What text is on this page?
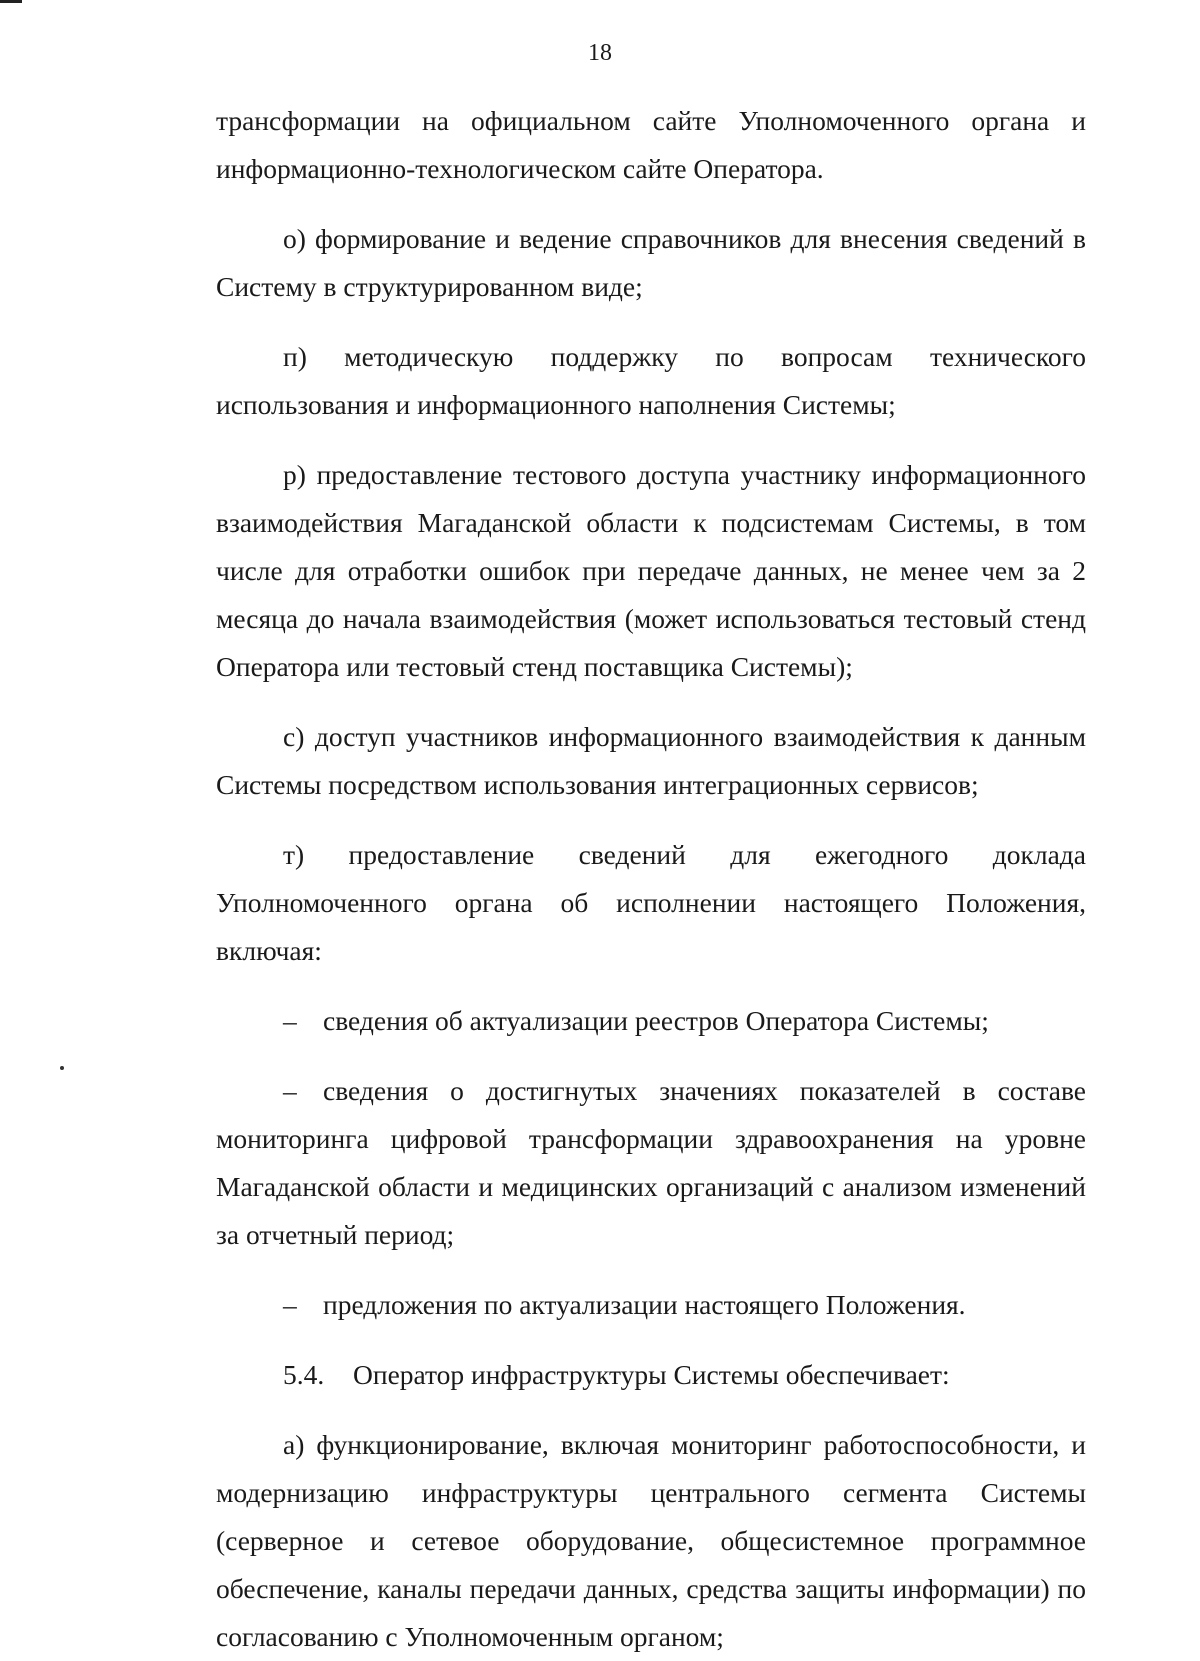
18

трансформации на официальном сайте Уполномоченного органа и информационно-технологическом сайте Оператора.

о) формирование и ведение справочников для внесения сведений в Систему в структурированном виде;

п) методическую поддержку по вопросам технического использования и информационного наполнения Системы;

р) предоставление тестового доступа участнику информационного взаимодействия Магаданской области к подсистемам Системы, в том числе для отработки ошибок при передаче данных, не менее чем за 2 месяца до начала взаимодействия (может использоваться тестовый стенд Оператора или тестовый стенд поставщика Системы);

с) доступ участников информационного взаимодействия к данным Системы посредством использования интеграционных сервисов;

т) предоставление сведений для ежегодного доклада Уполномоченного органа об исполнении настоящего Положения, включая:

– сведения об актуализации реестров Оператора Системы;

– сведения о достигнутых значениях показателей в составе мониторинга цифровой трансформации здравоохранения на уровне Магаданской области и медицинских организаций с анализом изменений за отчетный период;

– предложения по актуализации настоящего Положения.

5.4. Оператор инфраструктуры Системы обеспечивает:

а) функционирование, включая мониторинг работоспособности, и модернизацию инфраструктуры центрального сегмента Системы (серверное и сетевое оборудование, общесистемное программное обеспечение, каналы передачи данных, средства защиты информации) по согласованию с Уполномоченным органом;
